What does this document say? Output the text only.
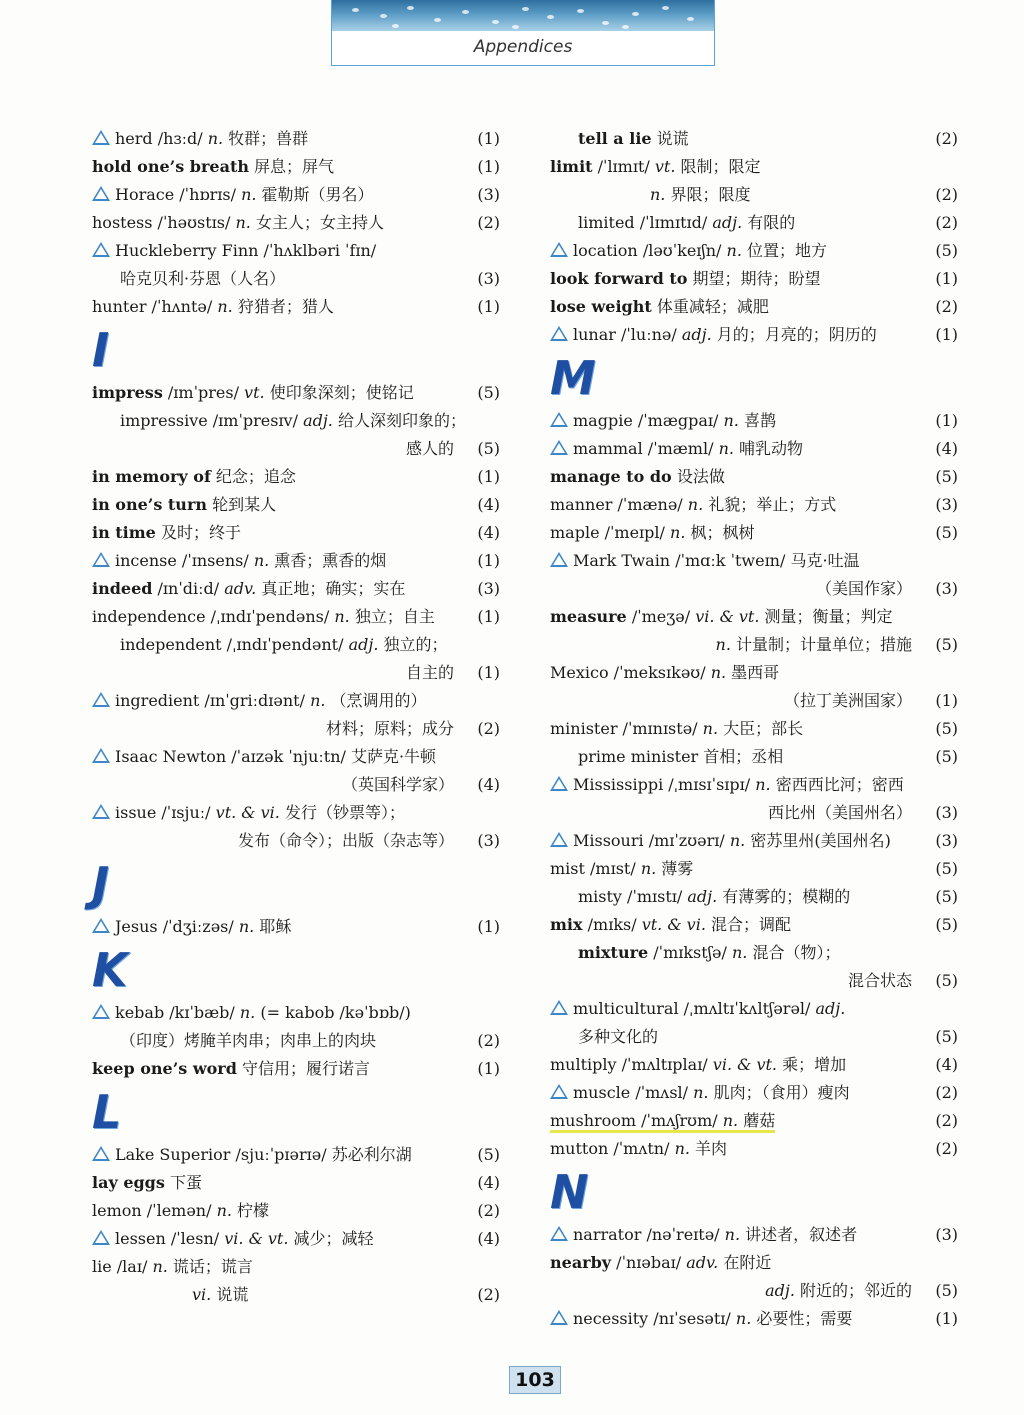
Appendices
herd /hɜːd/ n. 牧群；兽群	(1)
hold one’s breath 屏息；屏气	(1)
Horace /ˈhɒrɪs/ n. 霍勒斯（男名）	(3)
hostess /ˈhəʊstɪs/ n. 女主人；女主持人	(2)
Huckleberry Finn /ˈhʌklbəri ˈfɪn/
哈克贝利·芬恩（人名）	(3)
hunter /ˈhʌntə/ n. 狩猎者；猎人	(1)
I
impress /ɪmˈpres/ vt. 使印象深刻；使铭记	(5)
impressive /ɪmˈpresɪv/ adj. 给人深刻印象的；
感人的 (5)
in memory of 纪念；追念	(1)
in one’s turn 轮到某人	(4)
in time 及时；终于	(4)
incense /ˈɪnsens/ n. 熏香；熏香的烟	(1)
indeed /ɪnˈdiːd/ adv. 真正地；确实；实在	(3)
independence /ˌɪndɪˈpendəns/ n. 独立；自主	(1)
independent /ˌɪndɪˈpendənt/ adj. 独立的；
自主的 (1)
ingredient /ɪnˈgriːdɪənt/ n. （烹调用的）
材料；原料；成分 (2)
Isaac Newton /ˈaɪzək ˈnjuːtn/ 艾萨克·牛顿
（英国科学家） (4)
issue /ˈɪsjuː/ vt. & vi. 发行（钞票等）；
发布（命令）；出版（杂志等） (3)
J
Jesus /ˈdʒiːzəs/ n. 耶稣	(1)
K
kebab /kɪˈbæb/ n. (= kabob /kəˈbɒb/)
（印度）烤腌羊肉串；肉串上的肉块	(2)
keep one’s word 守信用；履行诺言	(1)
L
Lake Superior /sjuːˈpɪərɪə/ 苏必利尔湖	(5)
lay eggs 下蛋	(4)
lemon /ˈlemən/ n. 柠檬	(2)
lessen /ˈlesn/ vi. & vt. 减少；减轻	(4)
lie /laɪ/ n. 谎话；谎言
vi. 说谎	(2)
tell a lie 说谎	(2)
limit /ˈlɪmɪt/ vt. 限制；限定
n. 界限；限度	(2)
limited /ˈlɪmɪtɪd/ adj. 有限的	(2)
location /ləʊˈkeɪʃn/ n. 位置；地方	(5)
look forward to 期望；期待；盼望	(1)
lose weight 体重减轻；减肥	(2)
lunar /ˈluːnə/ adj. 月的；月亮的；阴历的	(1)
M
magpie /ˈmægpaɪ/ n. 喜鹊	(1)
mammal /ˈmæml/ n. 哺乳动物	(4)
manage to do 设法做	(5)
manner /ˈmænə/ n. 礼貌；举止；方式	(3)
maple /ˈmeɪpl/ n. 枫；枫树	(5)
Mark Twain /ˈmɑːk ˈtweɪn/ 马克·吐温
（美国作家） (3)
measure /ˈmeʒə/ vi. & vt. 测量；衡量；判定
n. 计量制；计量单位；措施 (5)
Mexico /ˈmeksɪkəʊ/ n. 墨西哥
（拉丁美洲国家） (1)
minister /ˈmɪnɪstə/ n. 大臣；部长	(5)
prime minister 首相；丞相	(5)
Mississippi /ˌmɪsɪˈsɪpɪ/ n. 密西西比河；密西
西比州（美国州名） (3)
Missouri /mɪˈzʊərɪ/ n. 密苏里州(美国州名)	(3)
mist /mɪst/ n. 薄雾	(5)
misty /ˈmɪstɪ/ adj. 有薄雾的；模糊的	(5)
mix /mɪks/ vt. & vi. 混合；调配	(5)
mixture /ˈmɪkstʃə/ n. 混合（物）；
混合状态 (5)
multicultural /ˌmʌltɪˈkʌltʃərəl/ adj.
多种文化的	(5)
multiply /ˈmʌltɪplaɪ/ vi. & vt. 乘；增加	(4)
muscle /ˈmʌsl/ n. 肌肉；（食用）瘦肉	(2)
mushroom /ˈmʌʃrʊm/ n. 蘑菇	(2)
mutton /ˈmʌtn/ n. 羊肉	(2)
N
narrator /nəˈreɪtə/ n. 讲述者，叙述者	(3)
nearby /ˈnɪəbaɪ/ adv. 在附近
adj. 附近的；邻近的 (5)
necessity /nɪˈsesətɪ/ n. 必要性；需要	(1)
103
